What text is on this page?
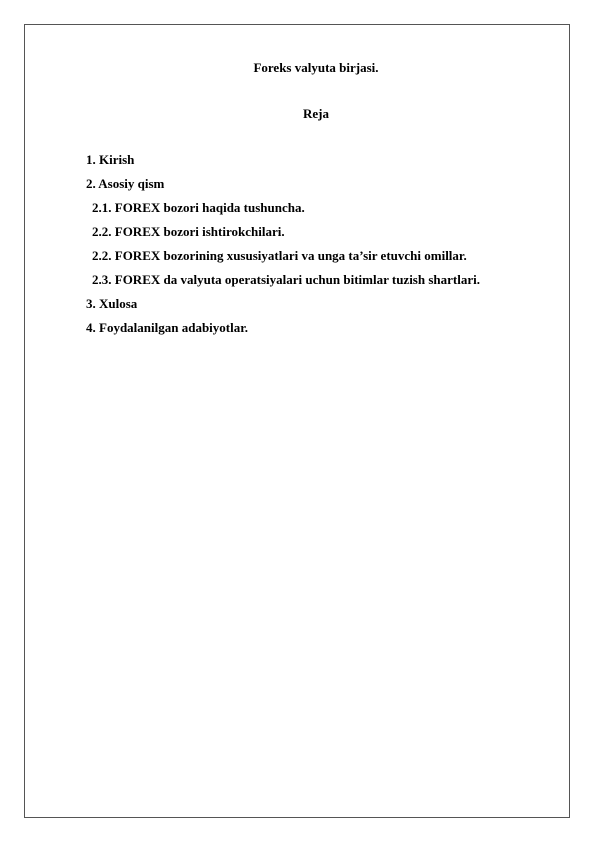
Foreks valyuta birjasi.
Reja
1. Kirish
2. Asosiy qism
2.1. FOREX bozori haqida tushuncha.
2.2. FOREX bozori ishtirokchilari.
2.2. FOREX bozorining xususiyatlari va unga ta’sir etuvchi omillar.
2.3. FOREX da valyuta operatsiyalari uchun bitimlar tuzish shartlari.
3. Xulosa
4. Foydalanilgan adabiyotlar.
